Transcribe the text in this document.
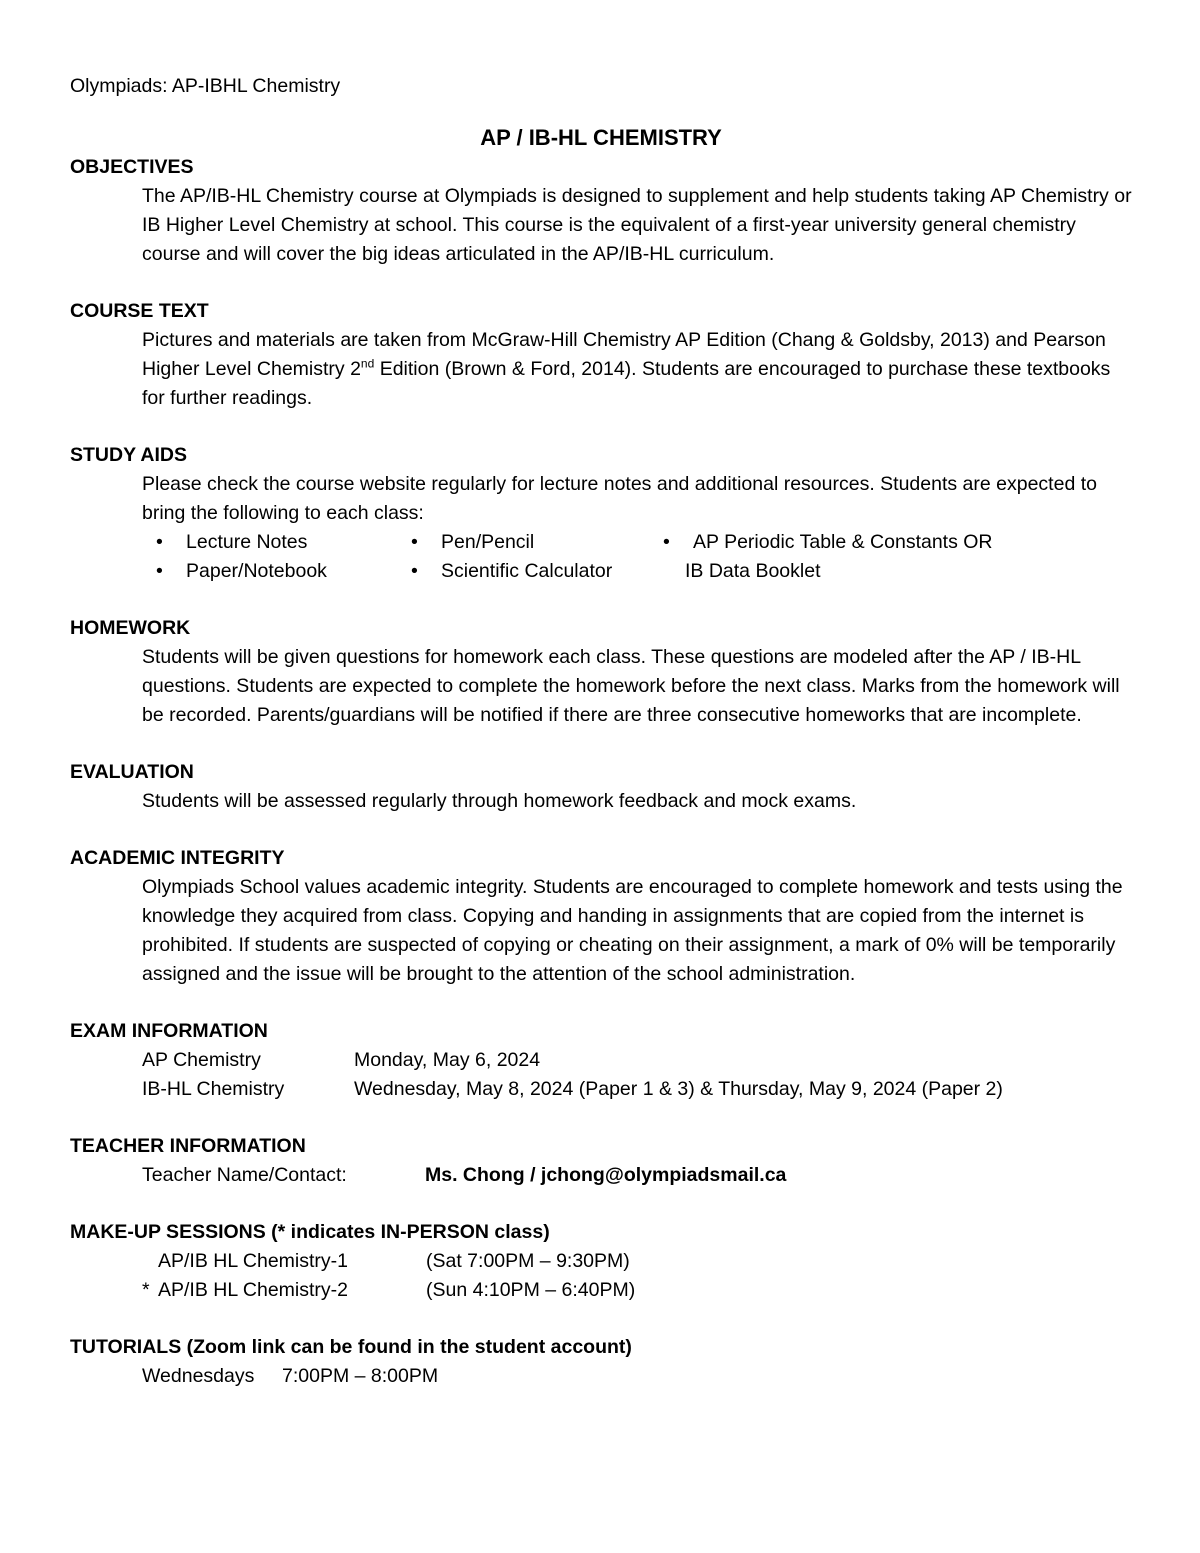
Olympiads: AP-IBHL Chemistry

AP / IB-HL CHEMISTRY

OBJECTIVES

The AP/IB-HL Chemistry course at Olympiads is designed to supplement and help students taking AP Chemistry or IB Higher Level Chemistry at school. This course is the equivalent of a first-year university general chemistry course and will cover the big ideas articulated in the AP/IB-HL curriculum.

COURSE TEXT

Pictures and materials are taken from McGraw-Hill Chemistry AP Edition (Chang & Goldsby, 2013) and Pearson Higher Level Chemistry 2nd Edition (Brown & Ford, 2014). Students are encouraged to purchase these textbooks for further readings.

STUDY AIDS

Please check the course website regularly for lecture notes and additional resources. Students are expected to bring the following to each class:

•	Lecture Notes
•	Paper/Notebook
•	Pen/Pencil
•	Scientific Calculator
•	AP Periodic Table & Constants OR
IB Data Booklet

HOMEWORK

Students will be given questions for homework each class. These questions are modeled after the AP / IB-HL questions. Students are expected to complete the homework before the next class. Marks from the homework will be recorded. Parents/guardians will be notified if there are three consecutive homeworks that are incomplete.

EVALUATION

Students will be assessed regularly through homework feedback and mock exams.

ACADEMIC INTEGRITY

Olympiads School values academic integrity. Students are encouraged to complete homework and tests using the knowledge they acquired from class. Copying and handing in assignments that are copied from the internet is prohibited. If students are suspected of copying or cheating on their assignment, a mark of 0% will be temporarily assigned and the issue will be brought to the attention of the school administration.

EXAM INFORMATION

AP Chemistry	Monday, May 6, 2024
IB-HL Chemistry	Wednesday, May 8, 2024 (Paper 1 & 3) & Thursday, May 9, 2024 (Paper 2)

TEACHER INFORMATION

Teacher Name/Contact:	Ms. Chong / jchong@olympiadsmail.ca

MAKE-UP SESSIONS (* indicates IN-PERSON class)

AP/IB HL Chemistry-1	(Sat 7:00PM – 9:30PM)
* AP/IB HL Chemistry-2	(Sun 4:10PM – 6:40PM)

TUTORIALS (Zoom link can be found in the student account)

Wednesdays	7:00PM – 8:00PM
